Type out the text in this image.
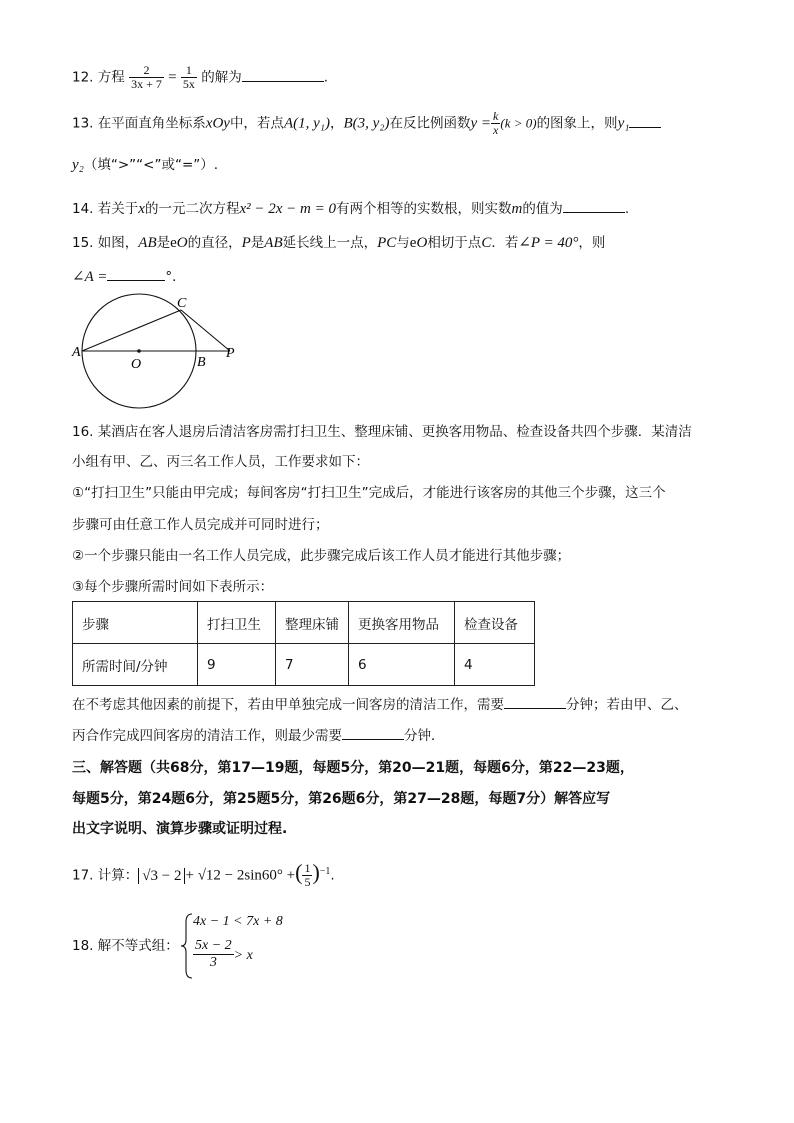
12. 方程 $\frac{2}{3x + 7} = \frac{1}{5x}$ 的解为	.
13. 在平面直角坐标系xOy中，若点A(1, y₁)，B(3, y₂)在反比例函数$y = \frac{k}{x} (k > 0)$的图象上，则y₁
y₂（填“>”“<”或“=”）.
14. 若关于x的一元二次方程x² − 2x − m = 0有两个相等的实数根，则实数m的值为	.
15. 如图，AB是eO的直径，P是AB延长线上一点，PC与eO相切于点C．若∠P = 40°，则
∠A =	°．
A
C
O	B
P
16. 某酒店在客人退房后清洁客房需打扫卫生、整理床铺、更换客用物品、检查设备共四个步骤．某清洁
小组有甲、乙、丙三名工作人员，工作要求如下：
①“打扫卫生”只能由甲完成；每间客房“打扫卫生”完成后，才能进行该客房的其他三个步骤，这三个
步骤可由任意工作人员完成并可同时进行；
②一个步骤只能由一名工作人员完成，此步骤完成后该工作人员才能进行其他步骤；
③每个步骤所需时间如下表所示：
步骤	打扫卫生	整理床铺	更换客用物品	检查设备
所需时间/分钟	9	7	6	4
在不考虑其他因素的前提下，若由甲单独完成一间客房的清洁工作，需要	分钟；若由甲、乙、
丙合作完成四间客房的清洁工作，则最少需要	分钟．
三、解答题（共68分，第17—19题，每题5分，第20—21题，每题6分，第22—23题，
每题5分，第24题6分，第25题5分，第26题6分，第27—28题，每题7分）解答应写
出文字说明、演算步骤或证明过程.
17. 计算： √3 − 2 + √12 − 2sin60° +( $\frac{1}{5} )^{-1}$.
18. 解不等式组：
4x − 1 < 7x + 8
$\frac{5x - 2}{3} > x$
